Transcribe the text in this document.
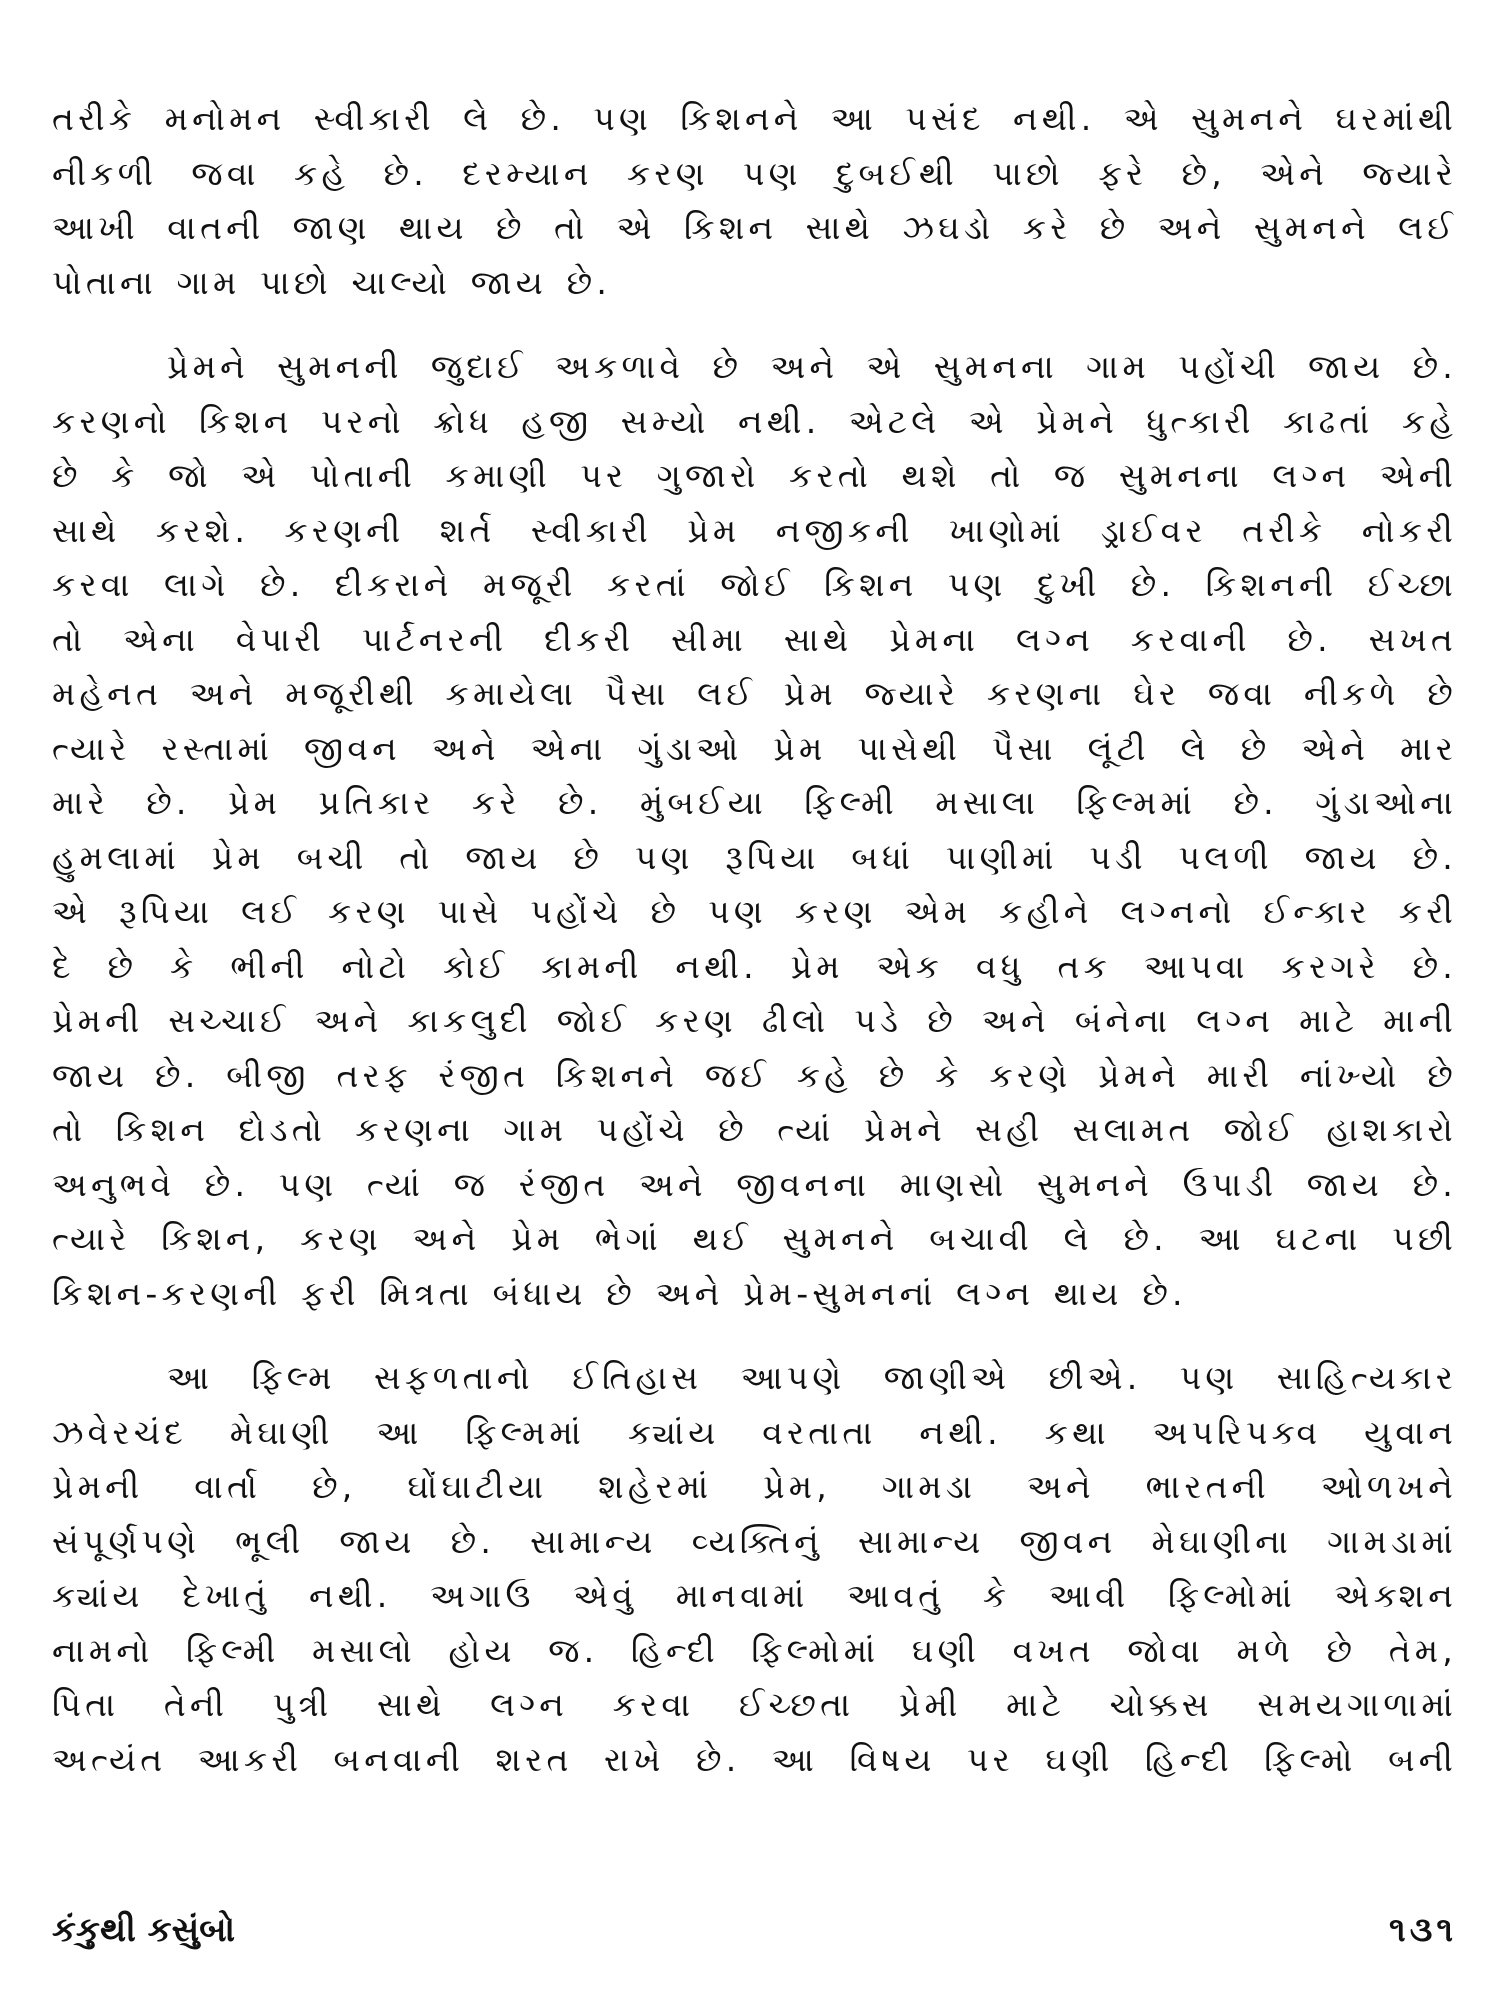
તરીકે મનોમન સ્વીકારી લે છે. પણ કિશનને આ પસંદ નથી. એ સુમનને ઘરમાંથી
નીકળી જવા કહે છે. દરમ્યાન કરણ પણ દુબઈથી પાછો ફરે છે, એને જ્યારે
આખી વાતની જાણ થાય છે તો એ કિશન સાથે ઝઘડો કરે છે અને સુમનને લઈ
પોતાના ગામ પાછો ચાલ્યો જાય છે.
પ્રેમને સુમનની જુદાઈ અકળાવે છે અને એ સુમનના ગામ પહોંચી જાય છે.
કરણનો કિશન પરનો ક્રોધ હજી સમ્યો નથી. એટલે એ પ્રેમને ધુત્કારી કાઢતાં કહે
છે કે જો એ પોતાની કમાણી પર ગુજારો કરતો થશે તો જ સુમનના લગ્ન એની
સાથે કરશે. કરણની શર્ત સ્વીકારી પ્રેમ નજીકની ખાણોમાં ડ્રાઈવર તરીકે નોકરી
કરવા લાગે છે. દીકરાને મજૂરી કરતાં જોઈ કિશન પણ દુખી છે. કિશનની ઈચ્છા
તો એના વેપારી પાર્ટનરની દીકરી સીમા સાથે પ્રેમના લગ્ન કરવાની છે. સખત
મહેનત અને મજૂરીથી કમાયેલા પૈસા લઈ પ્રેમ જ્યારે કરણના ઘેર જવા નીકળે છે
ત્યારે રસ્તામાં જીવન અને એના ગુંડાઓ પ્રેમ પાસેથી પૈસા લૂંટી લે છે એને માર
મારે છે. પ્રેમ પ્રતિકાર કરે છે. મુંબઈયા ફિલ્મી મસાલા ફિલ્મમાં છે. ગુંડાઓના
હુમલામાં પ્રેમ બચી તો જાય છે પણ રૂપિયા બધાં પાણીમાં પડી પલળી જાય છે.
એ રૂપિયા લઈ કરણ પાસે પહોંચે છે પણ કરણ એમ કહીને લગ્નનો ઈન્કાર કરી
દે છે કે ભીની નોટો કોઈ કામની નથી. પ્રેમ એક વધુ તક આપવા કરગરે છે.
પ્રેમની સચ્ચાઈ અને કાકલુદી જોઈ કરણ ઢીલો પડે છે અને બંનેના લગ્ન માટે માની
જાય છે. બીજી તરફ રંજીત કિશનને જઈ કહે છે કે કરણે પ્રેમને મારી નાંખ્યો છે
તો કિશન દોડતો કરણના ગામ પહોંચે છે ત્યાં પ્રેમને સહી સલામત જોઈ હાશકારો
અનુભવે છે. પણ ત્યાં જ રંજીત અને જીવનના માણસો સુમનને ઉપાડી જાય છે.
ત્યારે કિશન, કરણ અને પ્રેમ ભેગાં થઈ સુમનને બચાવી લે છે. આ ઘટના પછી
કિશન-કરણની ફરી મિત્રતા બંધાય છે અને પ્રેમ-સુમનનાં લગ્ન થાય છે.
આ ફિલ્મ સફળતાનો ઈતિહાસ આપણે જાણીએ છીએ. પણ સાહિત્યકાર
ઝવેરચંદ મેઘાણી આ ફિલ્મમાં ક્યાંય વરતાતા નથી. કથા અપરિપક્વ યુવાન
પ્રેમની વાર્તા છે, ઘોંઘાટીયા શહેરમાં પ્રેમ, ગામડા અને ભારતની ઓળખને
સંપૂર્ણપણે ભૂલી જાય છે. સામાન્ય વ્યક્તિનું સામાન્ય જીવન મેઘાણીના ગામડામાં
ક્યાંય દેખાતું નથી. અગાઉ એવું માનવામાં આવતું કે આવી ફિલ્મોમાં એક્શન
નામનો ફિલ્મી મસાલો હોય જ. હિન્દી ફિલ્મોમાં ઘણી વખત જોવા મળે છે તેમ,
પિતા તેની પુત્રી સાથે લગ્ન કરવા ઈચ્છતા પ્રેમી માટે ચોક્કસ સમયગાળામાં
અત્યંત આકરી બનવાની શરત રાખે છે. આ વિષય પર ઘણી હિન્દી ફિલ્મો બની
કંકુથી કસુંબો	૧૩૧
